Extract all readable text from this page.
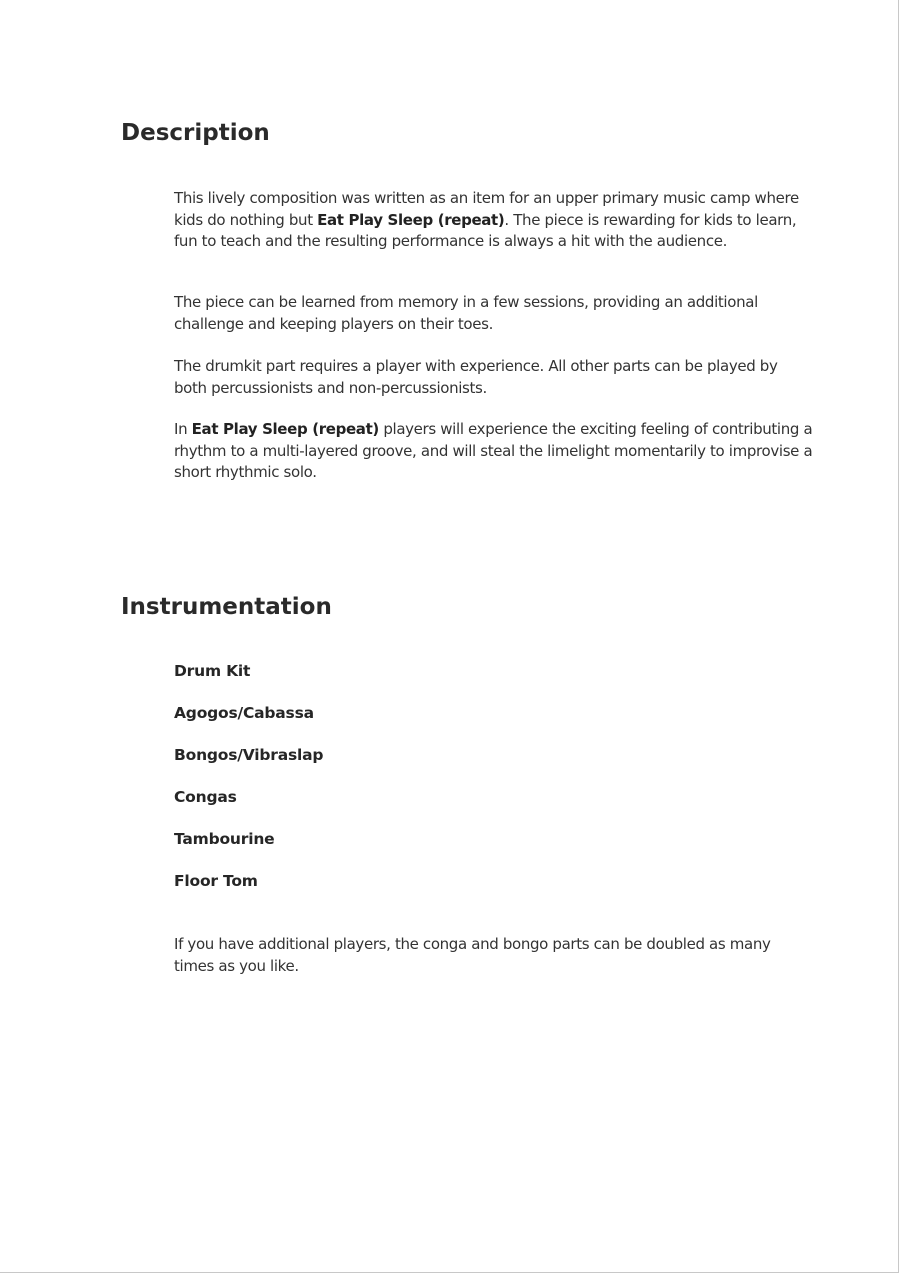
Description

This lively composition was written as an item for an upper primary music camp where kids do nothing but Eat Play Sleep (repeat). The piece is rewarding for kids to learn, fun to teach and the resulting performance is always a hit with the audience.

The piece can be learned from memory in a few sessions, providing an additional challenge and keeping players on their toes.

The drumkit part requires a player with experience. All other parts can be played by both percussionists and non-percussionists.

In Eat Play Sleep (repeat) players will experience the exciting feeling of contributing a rhythm to a multi-layered groove, and will steal the limelight momentarily to improvise a short rhythmic solo.

Instrumentation
Drum Kit
Agogos/Cabassa
Bongos/Vibraslap
Congas
Tambourine
Floor Tom

If you have additional players, the conga and bongo parts can be doubled as many times as you like.
